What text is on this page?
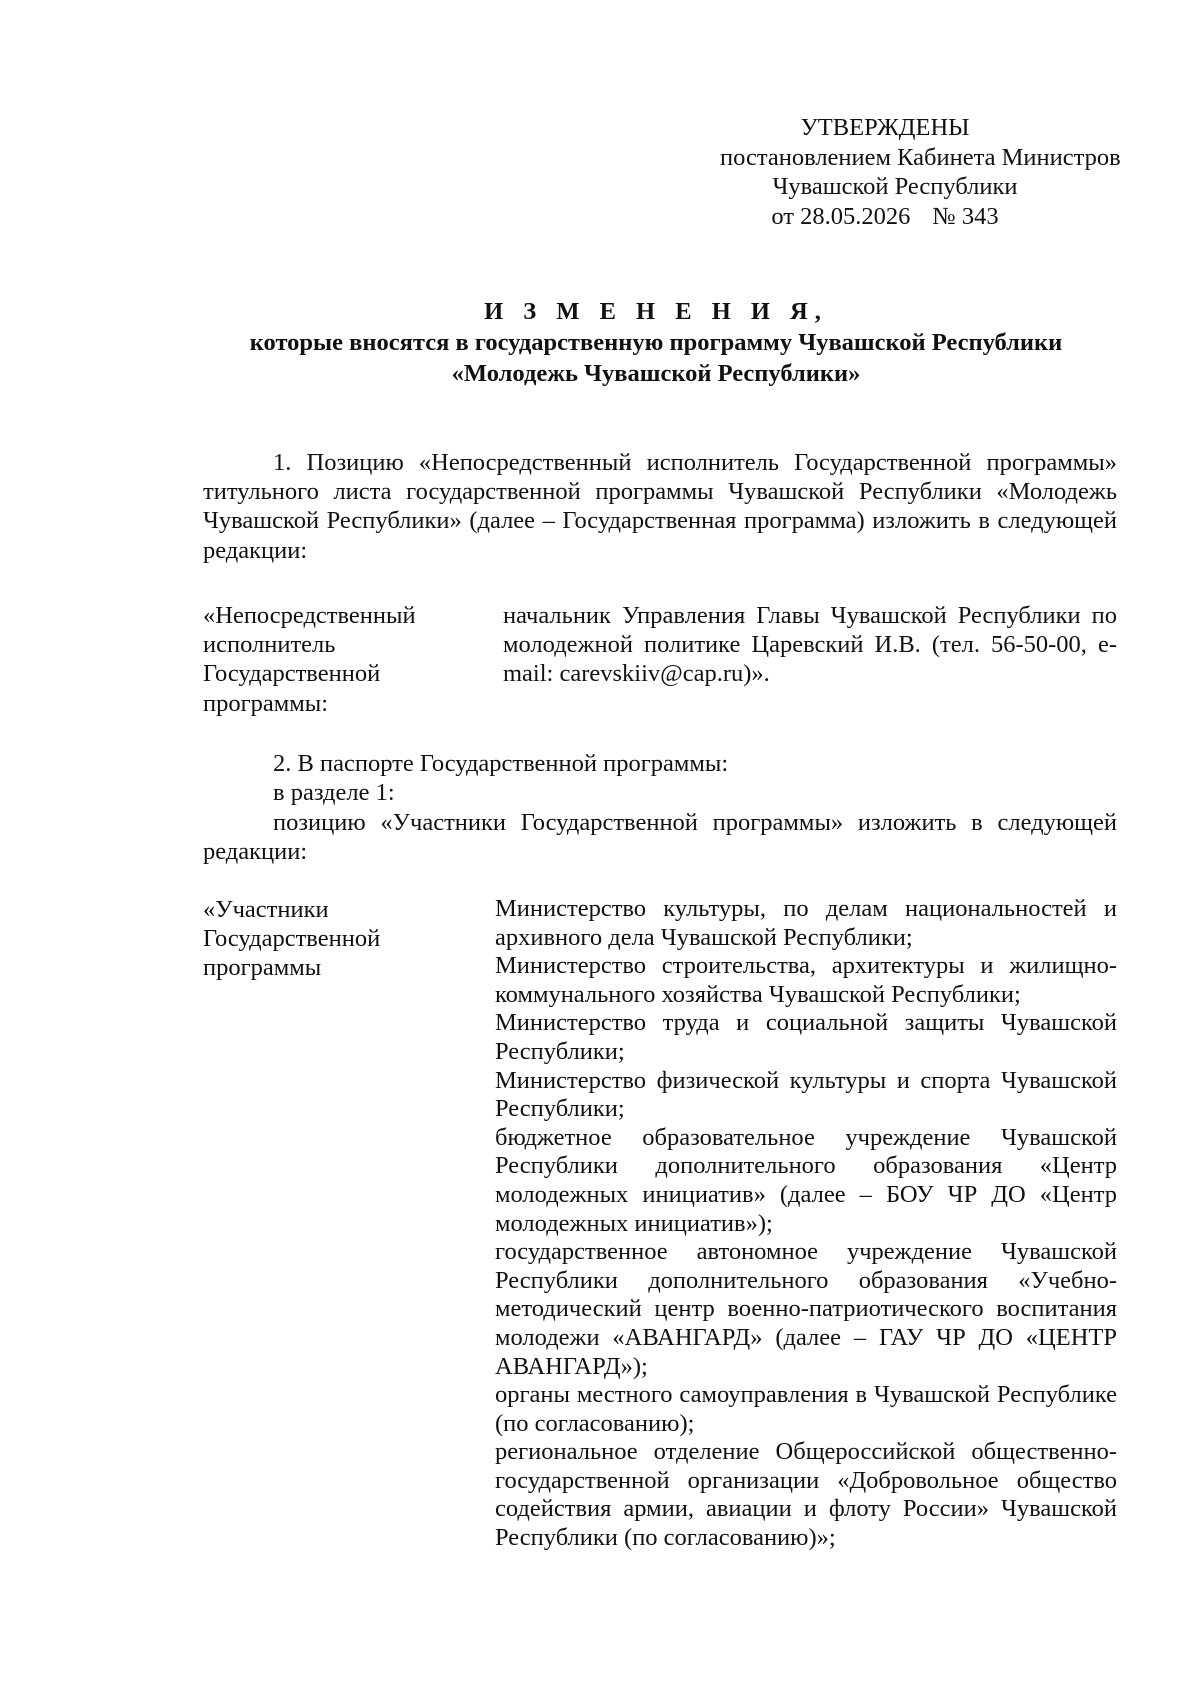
УТВЕРЖДЕНЫ
постановлением Кабинета Министров
Чувашской Республики
от 28.05.2026 № 343
И З М Е Н Е Н И Я,
которые вносятся в государственную программу Чувашской Республики
«Молодежь Чувашской Республики»

1. Позицию «Непосредственный исполнитель Государственной программы» титульного листа государственной программы Чувашской Республики «Молодежь Чувашской Республики» (далее – Государственная программа) изложить в следующей редакции:

«Непосредственный исполнитель Государственной программы:
начальник Управления Главы Чувашской Республики по молодежной политике Царевский И.В. (тел. 56-50-00, e-mail: carevskiiv@cap.ru)».
2. В паспорте Государственной программы:
в разделе 1:
позицию «Участники Государственной программы» изложить в следующей редакции:
«Участники Государственной программы
Министерство культуры, по делам национальностей и архивного дела Чувашской Республики;
Министерство строительства, архитектуры и жилищно-коммунального хозяйства Чувашской Республики;
Министерство труда и социальной защиты Чувашской Республики;
Министерство физической культуры и спорта Чувашской Республики;
бюджетное образовательное учреждение Чувашской Республики дополнительного образования «Центр молодежных инициатив» (далее – БОУ ЧР ДО «Центр молодежных инициатив»);
государственное автономное учреждение Чувашской Республики дополнительного образования «Учебно-методический центр военно-патриотического воспитания молодежи «АВАНГАРД» (далее – ГАУ ЧР ДО «ЦЕНТР АВАНГАРД»);
органы местного самоуправления в Чувашской Республике (по согласованию);
региональное отделение Общероссийской общественно-государственной организации «Добровольное общество содействия армии, авиации и флоту России» Чувашской Республики (по согласованию)»;
